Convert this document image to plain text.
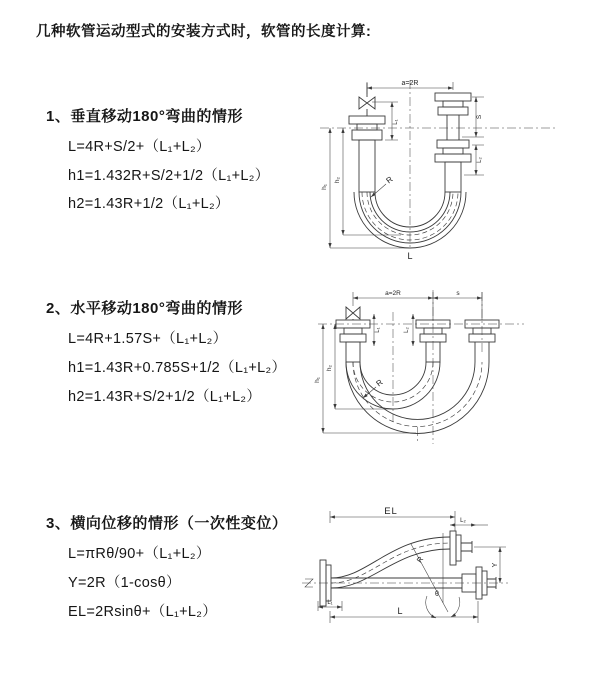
几种软管运动型式的安装方式时，软管的长度计算:
1、垂直移动180°弯曲的情形
L=4R+S/2+（L₁+L₂）
h1=1.432R+S/2+1/2（L₁+L₂）
h2=1.43R+1/2（L₁+L₂）
2、水平移动180°弯曲的情形
L=4R+1.57S+（L₁+L₂）
h1=1.43R+0.785S+1/2（L₁+L₂）
h2=1.43R+S/2+1/2（L₁+L₂）
3、横向位移的情形（一次性变位）
L=πRθ/90+（L₁+L₂）
Y=2R（1-cosθ）
EL=2Rsinθ+（L₁+L₂）
a=2R
h₁
h₂
L₁
S
L₂
R
L
a=2R	s
h₁
h₂
L₁	L₂
R
EL
L₂
R
θ
Y
L₁
L
